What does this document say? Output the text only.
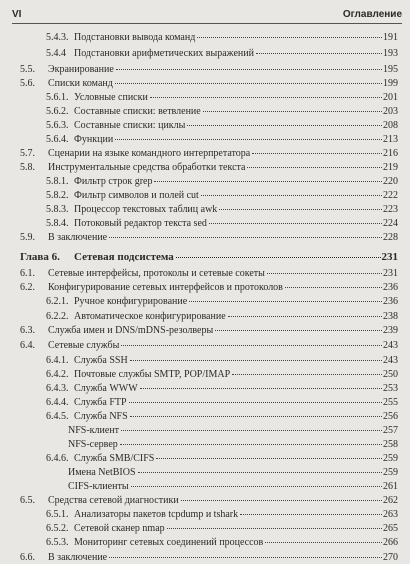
VI	Оглавление
5.4.3. Подстановки вывода команд	191
5.4.4 Подстановки арифметических выражений	193
5.5.	Экранирование	195
5.6.	Списки команд	199
5.6.1. Условные списки	201
5.6.2. Составные списки: ветвление	203
5.6.3. Составные списки: циклы	208
5.6.4. Функции	213
5.7.	Сценарии на языке командного интерпретатора	216
5.8.	Инструментальные средства обработки текста	219
5.8.1. Фильтр строк grep	220
5.8.2. Фильтр символов и полей cut	222
5.8.3. Процессор текстовых таблиц awk	223
5.8.4. Потоковый редактор текста sed	224
5.9.	В заключение	228
Глава 6.	Сетевая подсистема	231
6.1.	Сетевые интерфейсы, протоколы и сетевые сокеты	231
6.2.	Конфигурирование сетевых интерфейсов и протоколов	236
6.2.1. Ручное конфигурирование	236
6.2.2. Автоматическое конфигурирование	238
6.3.	Служба имен и DNS/mDNS-резолверы	239
6.4.	Сетевые службы	243
6.4.1. Служба SSH	243
6.4.2. Почтовые службы SMTP, POP/IMAP	250
6.4.3. Служба WWW	253
6.4.4. Служба FTP	255
6.4.5. Служба NFS	256
NFS-клиент	257
NFS-сервер	258
6.4.6. Служба SMB/CIFS	259
Имена NetBIOS	259
CIFS-клиенты	261
6.5.	Средства сетевой диагностики	262
6.5.1. Анализаторы пакетов tcpdump и tshark	263
6.5.2. Сетевой сканер nmap	265
6.5.3. Мониторинг сетевых соединений процессов	266
6.6.	В заключение	270
